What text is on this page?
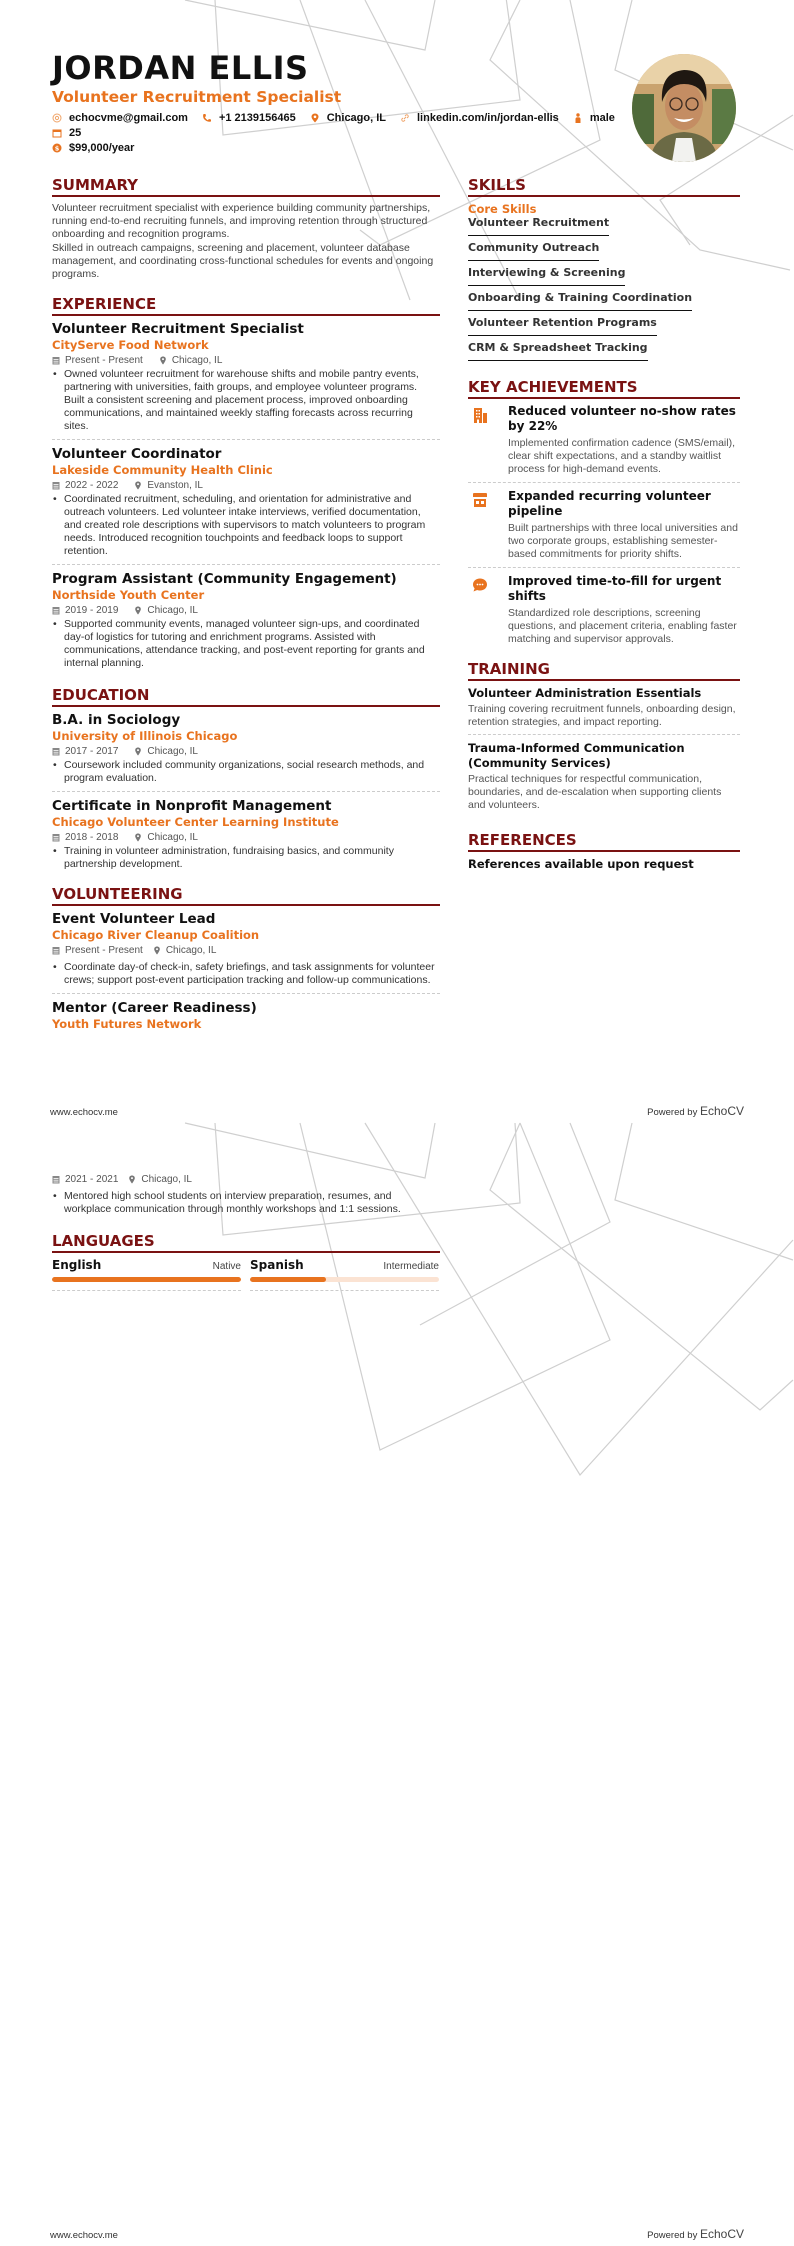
JORDAN ELLIS
Volunteer Recruitment Specialist
echocvme@gmail.com	+1 2139156465	Chicago, IL	linkedin.com/in/jordan-ellis	male
25
$ $99,000/year
SUMMARY

Volunteer recruitment specialist with experience building community partnerships, running end-to-end recruiting funnels, and improving retention through structured onboarding and recognition programs.

Skilled in outreach campaigns, screening and placement, volunteer database management, and coordinating cross-functional schedules for events and ongoing programs.

EXPERIENCE
Volunteer Recruitment Specialist
CityServe Food Network
Present - Present	Chicago, IL
• Owned volunteer recruitment for warehouse shifts and mobile pantry events, partnering with universities, faith groups, and employee volunteer programs. Built a consistent screening and placement process, improved onboarding communications, and maintained weekly staffing forecasts across recurring sites.
Volunteer Coordinator
Lakeside Community Health Clinic
2022 - 2022	Evanston, IL
• Coordinated recruitment, scheduling, and orientation for administrative and outreach volunteers. Led volunteer intake interviews, verified documentation, and created role descriptions with supervisors to match volunteers to program needs. Introduced recognition touchpoints and feedback loops to support retention.
Program Assistant (Community Engagement)
Northside Youth Center
2019 - 2019	Chicago, IL
• Supported community events, managed volunteer sign-ups, and coordinated day-of logistics for tutoring and enrichment programs. Assisted with communications, attendance tracking, and post-event reporting for grants and internal planning.
EDUCATION
B.A. in Sociology
University of Illinois Chicago
2017 - 2017	Chicago, IL
• Coursework included community organizations, social research methods, and program evaluation.
Certificate in Nonprofit Management
Chicago Volunteer Center Learning Institute
2018 - 2018	Chicago, IL
• Training in volunteer administration, fundraising basics, and community partnership development.
VOLUNTEERING
Event Volunteer Lead
Chicago River Cleanup Coalition
Present - Present Chicago, IL
• Coordinate day-of check-in, safety briefings, and task assignments for volunteer crews; support post-event participation tracking and follow-up communications.
Mentor (Career Readiness)
Youth Futures Network
SKILLS
Core Skills
Volunteer Recruitment
Community Outreach
Interviewing & Screening
Onboarding & Training Coordination
Volunteer Retention Programs
CRM & Spreadsheet Tracking
KEY ACHIEVEMENTS
Reduced volunteer no-show rates by 22%
Implemented confirmation cadence (SMS/email), clear shift expectations, and a standby waitlist process for high-demand events.
Expanded recurring volunteer pipeline
Built partnerships with three local universities and two corporate groups, establishing semester-based commitments for priority shifts.
Improved time-to-fill for urgent shifts
Standardized role descriptions, screening questions, and placement criteria, enabling faster matching and supervisor approvals.
TRAINING
Volunteer Administration Essentials
Training covering recruitment funnels, onboarding design, retention strategies, and impact reporting.
Trauma-Informed Communication (Community Services)
Practical techniques for respectful communication, boundaries, and de-escalation when supporting clients and volunteers.
REFERENCES
References available upon request
www.echocv.me	Powered by EchoCV
2021 - 2021 Chicago, IL
• Mentored high school students on interview preparation, resumes, and workplace communication through monthly workshops and 1:1 sessions.
LANGUAGES
English	Native Spanish	Intermediate
www.echocv.me	Powered by EchoCV
